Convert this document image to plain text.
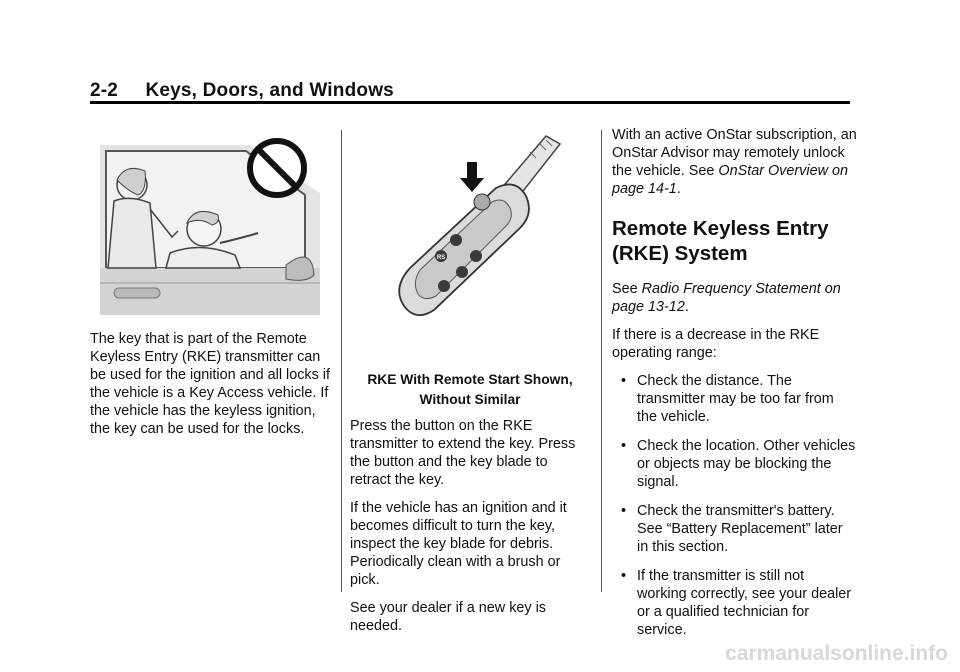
2-2     Keys, Doors, and Windows
RS

The key that is part of the Remote Keyless Entry (RKE) transmitter can be used for the ignition and all locks if the vehicle is a Key Access vehicle. If the vehicle has the keyless ignition, the key can be used for the locks.

RKE With Remote Start Shown,
Without Similar

Press the button on the RKE transmitter to extend the key. Press the button and the key blade to retract the key.

If the vehicle has an ignition and it becomes difficult to turn the key, inspect the key blade for debris. Periodically clean with a brush or pick.

See your dealer if a new key is needed.

With an active OnStar subscription, an OnStar Advisor may remotely unlock the vehicle. See OnStar Overview on page 14-1.

Remote Keyless Entry (RKE) System

See Radio Frequency Statement on page 13-12.

If there is a decrease in the RKE operating range:

• Check the distance. The transmitter may be too far from the vehicle.
• Check the location. Other vehicles or objects may be blocking the signal.
• Check the transmitter's battery. See “Battery Replacement” later in this section.
• If the transmitter is still not working correctly, see your dealer or a qualified technician for service.
carmanualsonline.info
